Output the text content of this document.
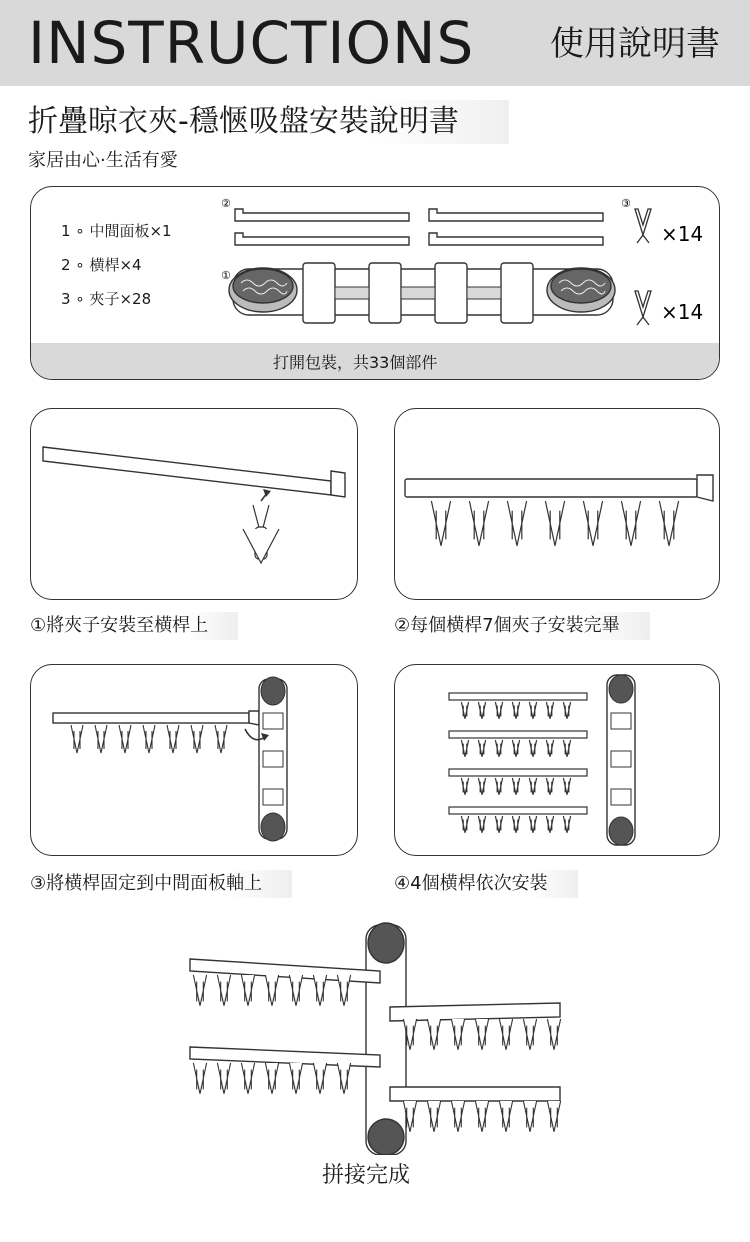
INSTRUCTIONS 使用說明書
折疊晾衣夾-穩愜吸盤安裝說明書
家居由心·生活有愛
1 ∘ 中間面板×1
2 ∘ 横桿×4
3 ∘ 夾子×28
②
①
③
×14
×14
打開包裝，共33個部件
①將夾子安裝至横桿上	②每個横桿7個夾子安裝完畢
③將横桿固定到中間面板軸上	④4個横桿依次安裝
拼接完成
